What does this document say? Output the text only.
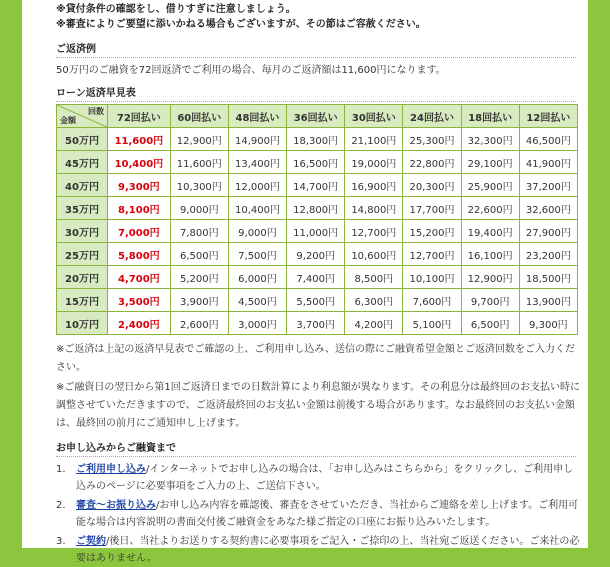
※貸付条件の確認をし、借りすぎに注意しましょう。
※審査によりご要望に添いかねる場合もございますが、その節はご容赦ください。
ご返済例

50万円のご融資を72回返済でご利用の場合、毎月のご返済額は11,600円になります。

ローン返済早見表
回数
金額	72回払い	60回払い	48回払い	36回払い	30回払い	24回払い	18回払い	12回払い
50万円	11,600円	12,900円	14,900円	18,300円	21,100円	25,300円	32,300円	46,500円
45万円	10,400円	11,600円	13,400円	16,500円	19,000円	22,800円	29,100円	41,900円
40万円	9,300円	10,300円	12,000円	14,700円	16,900円	20,300円	25,900円	37,200円
35万円	8,100円	9,000円	10,400円	12,800円	14,800円	17,700円	22,600円	32,600円
30万円	7,000円	7,800円	9,000円	11,000円	12,700円	15,200円	19,400円	27,900円
25万円	5,800円	6,500円	7,500円	9,200円	10,600円	12,700円	16,100円	23,200円
20万円	4,700円	5,200円	6,000円	7,400円	8,500円	10,100円	12,900円	18,500円
15万円	3,500円	3,900円	4,500円	5,500円	6,300円	7,600円	9,700円	13,900円
10万円	2,400円	2,600円	3,000円	3,700円	4,200円	5,100円	6,500円	9,300円

※ご返済は上記の返済早見表でご確認の上、ご利用申し込み、送信の際にご融資希望金額とご返済回数をご入力ください。

※ご融資日の翌日から第1回ご返済日までの日数計算により利息額が異なります。その利息分は最終回のお支払い時に調整させていただきますので、ご返済最終回のお支払い金額は前後する場合があります。なお最終回のお支払い金額は、最終回の前月にご通知申し上げます。

お申し込みからご融資まで
1.	ご利用申し込み/インターネットでお申し込みの場合は、「お申し込みはこちらから」をクリックし、ご利用申し込みのページに必要事項をご入力の上、ご送信下さい。
2.	審査～お振り込み/お申し込み内容を確認後、審査をさせていただき、当社からご連絡を差し上げます。ご利用可能な場合は内容説明の書面交付後ご融資金をあなた様ご指定の口座にお振り込みいたします。
3.	ご契約/後日、当社よりお送りする契約書に必要事項をご記入・ご捺印の上、当社宛ご返送ください。ご来社の必要はありません。
